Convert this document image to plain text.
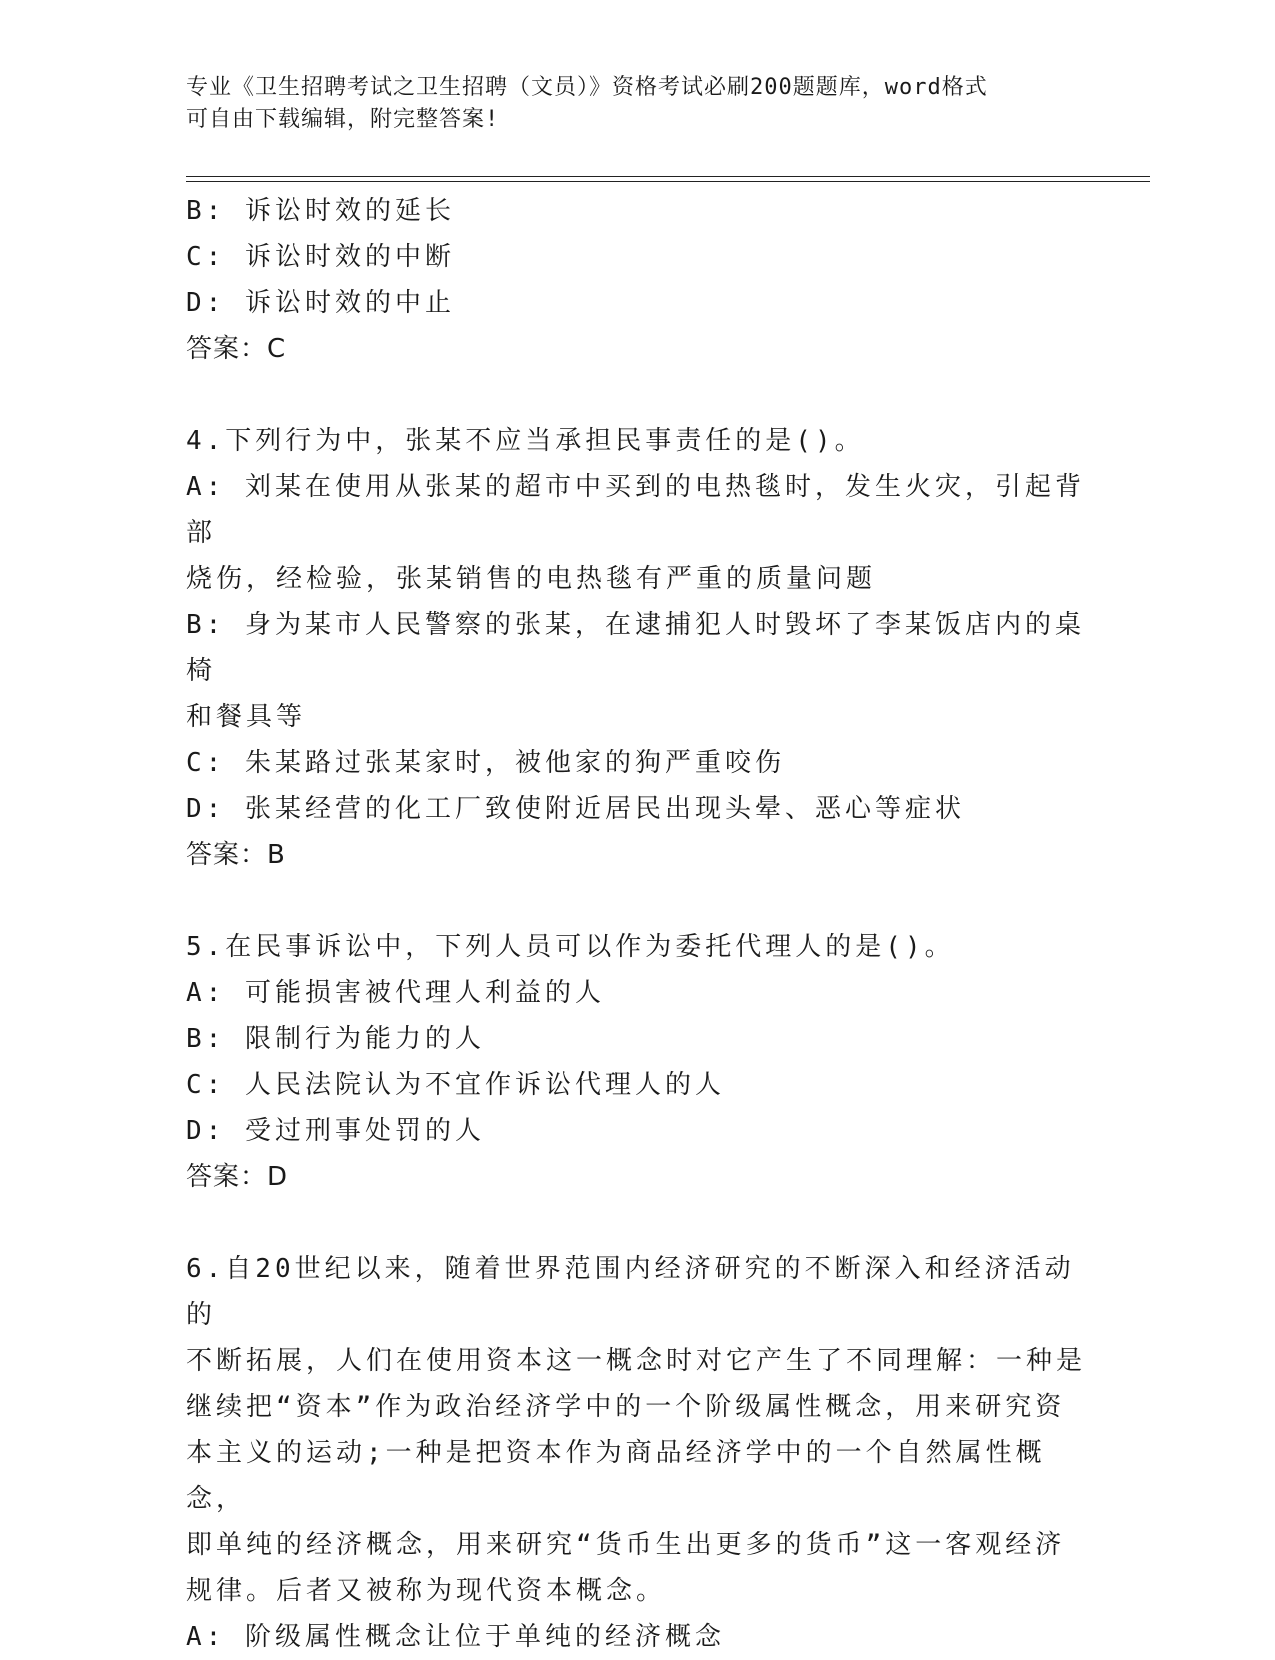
专业《卫生招聘考试之卫生招聘（文员）》资格考试必刷200题题库，word格式
可自由下载编辑，附完整答案!
B: 诉讼时效的延长
C: 诉讼时效的中断
D: 诉讼时效的中止
答案：C
4.下列行为中，张某不应当承担民事责任的是()。
A: 刘某在使用从张某的超市中买到的电热毯时，发生火灾，引起背部
烧伤，经检验，张某销售的电热毯有严重的质量问题
B: 身为某市人民警察的张某，在逮捕犯人时毁坏了李某饭店内的桌椅
和餐具等
C: 朱某路过张某家时，被他家的狗严重咬伤
D: 张某经营的化工厂致使附近居民出现头晕、恶心等症状
答案：B
5.在民事诉讼中，下列人员可以作为委托代理人的是()。
A: 可能损害被代理人利益的人
B: 限制行为能力的人
C: 人民法院认为不宜作诉讼代理人的人
D: 受过刑事处罚的人
答案：D
6.自20世纪以来，随着世界范围内经济研究的不断深入和经济活动的
不断拓展，人们在使用资本这一概念时对它产生了不同理解：一种是
继续把“资本”作为政治经济学中的一个阶级属性概念，用来研究资
本主义的运动;一种是把资本作为商品经济学中的一个自然属性概念，
即单纯的经济概念，用来研究“货币生出更多的货币”这一客观经济
规律。后者又被称为现代资本概念。
A: 阶级属性概念让位于单纯的经济概念
